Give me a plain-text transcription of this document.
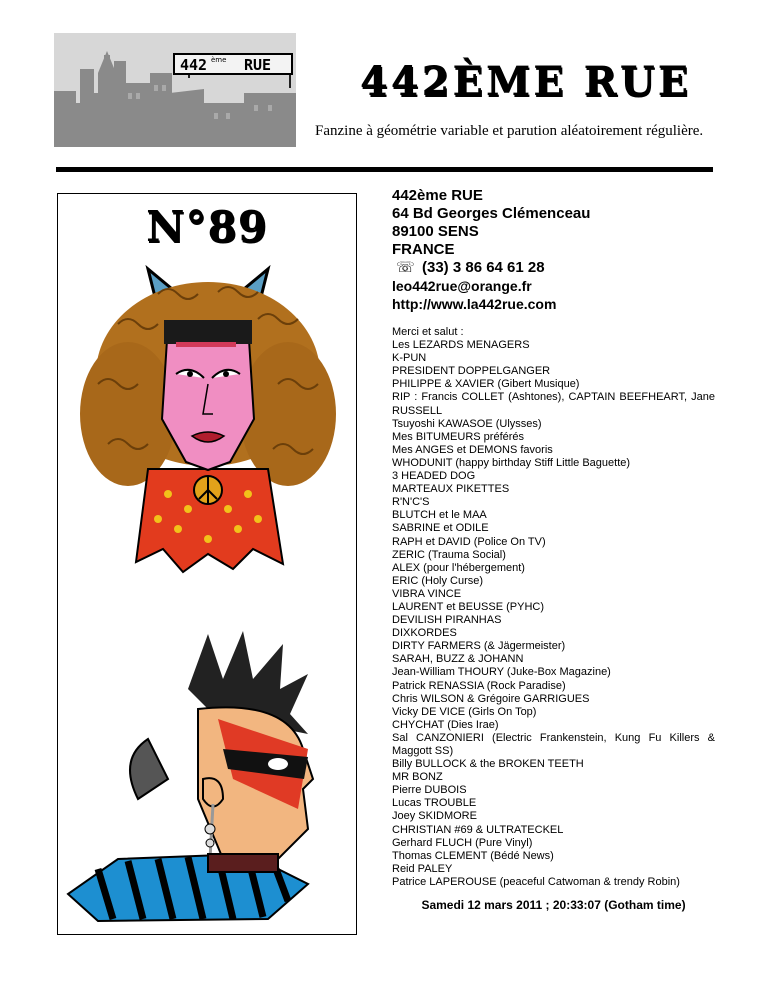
442 ème RUE 442ÈME RUE
Fanzine à géométrie variable et parution aléatoirement régulière.
N°89
442ème RUE
64 Bd Georges Clémenceau
89100 SENS
FRANCE
☏ (33) 3 86 64 61 28
leo442rue@orange.fr
http://www.la442rue.com
Merci et salut :
Les LEZARDS MENAGERS
K-PUN
PRESIDENT DOPPELGANGER
PHILIPPE & XAVIER (Gibert Musique)
RIP : Francis COLLET (Ashtones), CAPTAIN BEEFHEART, Jane
RUSSELL
Tsuyoshi KAWASOE (Ulysses)
Mes BITUMEURS préférés
Mes ANGES et DEMONS favoris
WHODUNIT (happy birthday Stiff Little Baguette)
3 HEADED DOG
MARTEAUX PIKETTES
R'N'C'S
BLUTCH et le MAA
SABRINE et ODILE
RAPH et DAVID (Police On TV)
ZERIC (Trauma Social)
ALEX (pour l'hébergement)
ERIC (Holy Curse)
VIBRA VINCE
LAURENT et BEUSSE (PYHC)
DEVILISH PIRANHAS
DIXKORDES
DIRTY FARMERS (& Jägermeister)
SARAH, BUZZ & JOHANN
Jean-William THOURY (Juke-Box Magazine)
Patrick RENASSIA (Rock Paradise)
Chris WILSON & Grégoire GARRIGUES
Vicky DE VICE (Girls On Top)
CHYCHAT (Dies Irae)
Sal CANZONIERI (Electric Frankenstein, Kung Fu Killers &
Maggott SS)
Billy BULLOCK & the BROKEN TEETH
MR BONZ
Pierre DUBOIS
Lucas TROUBLE
Joey SKIDMORE
CHRISTIAN #69 & ULTRATECKEL
Gerhard FLUCH (Pure Vinyl)
Thomas CLEMENT (Bédé News)
Reid PALEY
Patrice LAPEROUSE (peaceful Catwoman & trendy Robin)
Samedi 12 mars 2011 ; 20:33:07 (Gotham time)
